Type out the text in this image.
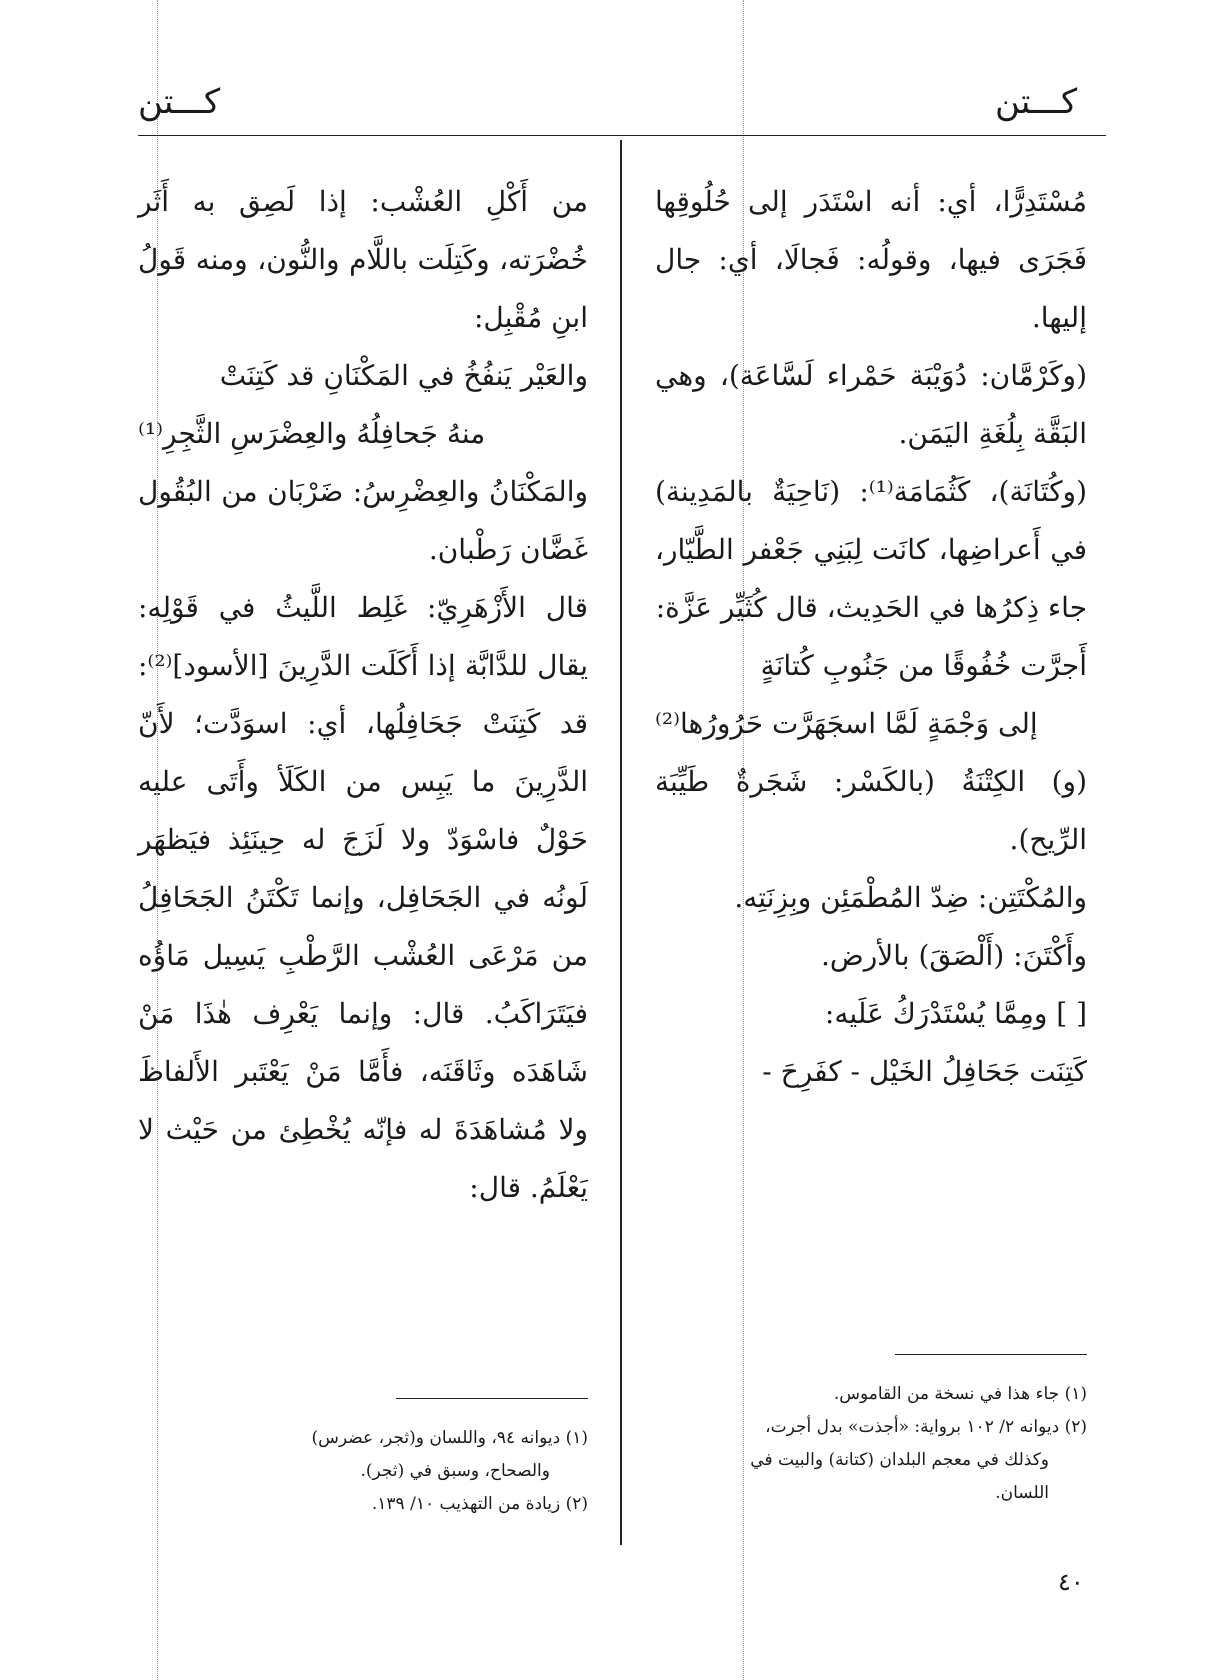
كـــتن	كـــتن

مُسْتَدِرًّا، أي: أنه اسْتَدَر إلى حُلُوقِها فَجَرَى فيها، وقولُه: فَجالَا، أي: جال إليها.

(وكَرْمَّان: دُوَيْبَة حَمْراء لَسَّاعَة)، وهي البَقَّة بِلُغَةِ اليَمَن.

(وكُتَانَة)، كَثُمَامَة⁽¹⁾: (نَاحِيَةٌ بالمَدِينة) في أَعراضِها، كانَت لِبَنِي جَعْفر الطَّيّار، جاء ذِكرُها في الحَدِيث، قال كُثَيِّر عَزَّة:

أَجرَّت خُفُوقًا من جَنُوبِ كُتانَةٍ

إلى وَجْمَةٍ لَمَّا اسجَهَرَّت حَرُورُها⁽²⁾

(و) الكِتْنَةُ (بالكَسْر: شَجَرةٌ طَيِّبَة الرِّيح).

والمُكْتَتِن: ضِدّ المُطْمَئِن وبِزِنَتِه.

وأَكْتَنَ: (أَلْصَقَ) بالأرض.

[ ] ومِمَّا يُسْتَدْرَكُ عَلَيه:

كَتِنَت جَحَافِلُ الخَيْل - كفَرِحَ -

من أَكْلِ العُشْب: إذا لَصِق به أَثَر خُضْرَته، وكَتِلَت باللَّام والنُّون، ومنه قَولُ ابنِ مُقْبِل:

والعَيْر يَنفُخُ في المَكْنَانِ قد كَتِنَتْ

منهُ جَحافِلُهُ والعِضْرَسِ الثَّجِرِ⁽¹⁾

والمَكْنَانُ والعِضْرِسُ: ضَرْبَان من البُقُول غَضَّان رَطْبان.

قال الأَزْهَرِيّ: غَلِط اللَّيثُ في قَوْلِه: يقال للدَّابَّة إذا أَكَلَت الدَّرِينَ [الأسود]⁽²⁾: قد كَتِنَتْ جَحَافِلُها، أي: اسوَدَّت؛ لأَنّ الدَّرِينَ ما يَبِس من الكَلَأ وأَتَى عليه حَوْلٌ فاسْوَدّ ولا لَزَجَ له حِينَئِذ فيَظهَر لَونُه في الجَحَافِل، وإنما تَكْتَنُ الجَحَافِلُ من مَرْعَى العُشْب الرَّطْبِ يَسِيل مَاؤُه فيَتَرَاكَبُ. قال: وإنما يَعْرِف هٰذَا مَنْ شَاهَدَه وثَاقَنَه، فأَمَّا مَنْ يَعْتَبر الأَلفاظَ ولا مُشاهَدَةَ له فإنّه يُخْطِئ من حَيْث لا يَعْلَمُ. قال:

(١) جاء هذا في نسخة من القاموس.

(٢) ديوانه ٢/ ١٠٢ برواية: «أجذت» بدل أجرت،

وكذلك في معجم البلدان (كتانة) والبيت في

اللسان.

(١) ديوانه ٩٤، واللسان و(ثجر، عضرس)

والصحاح، وسبق في (ثجر).

(٢) زيادة من التهذيب ١٠/ ١٣٩.

٤٠
